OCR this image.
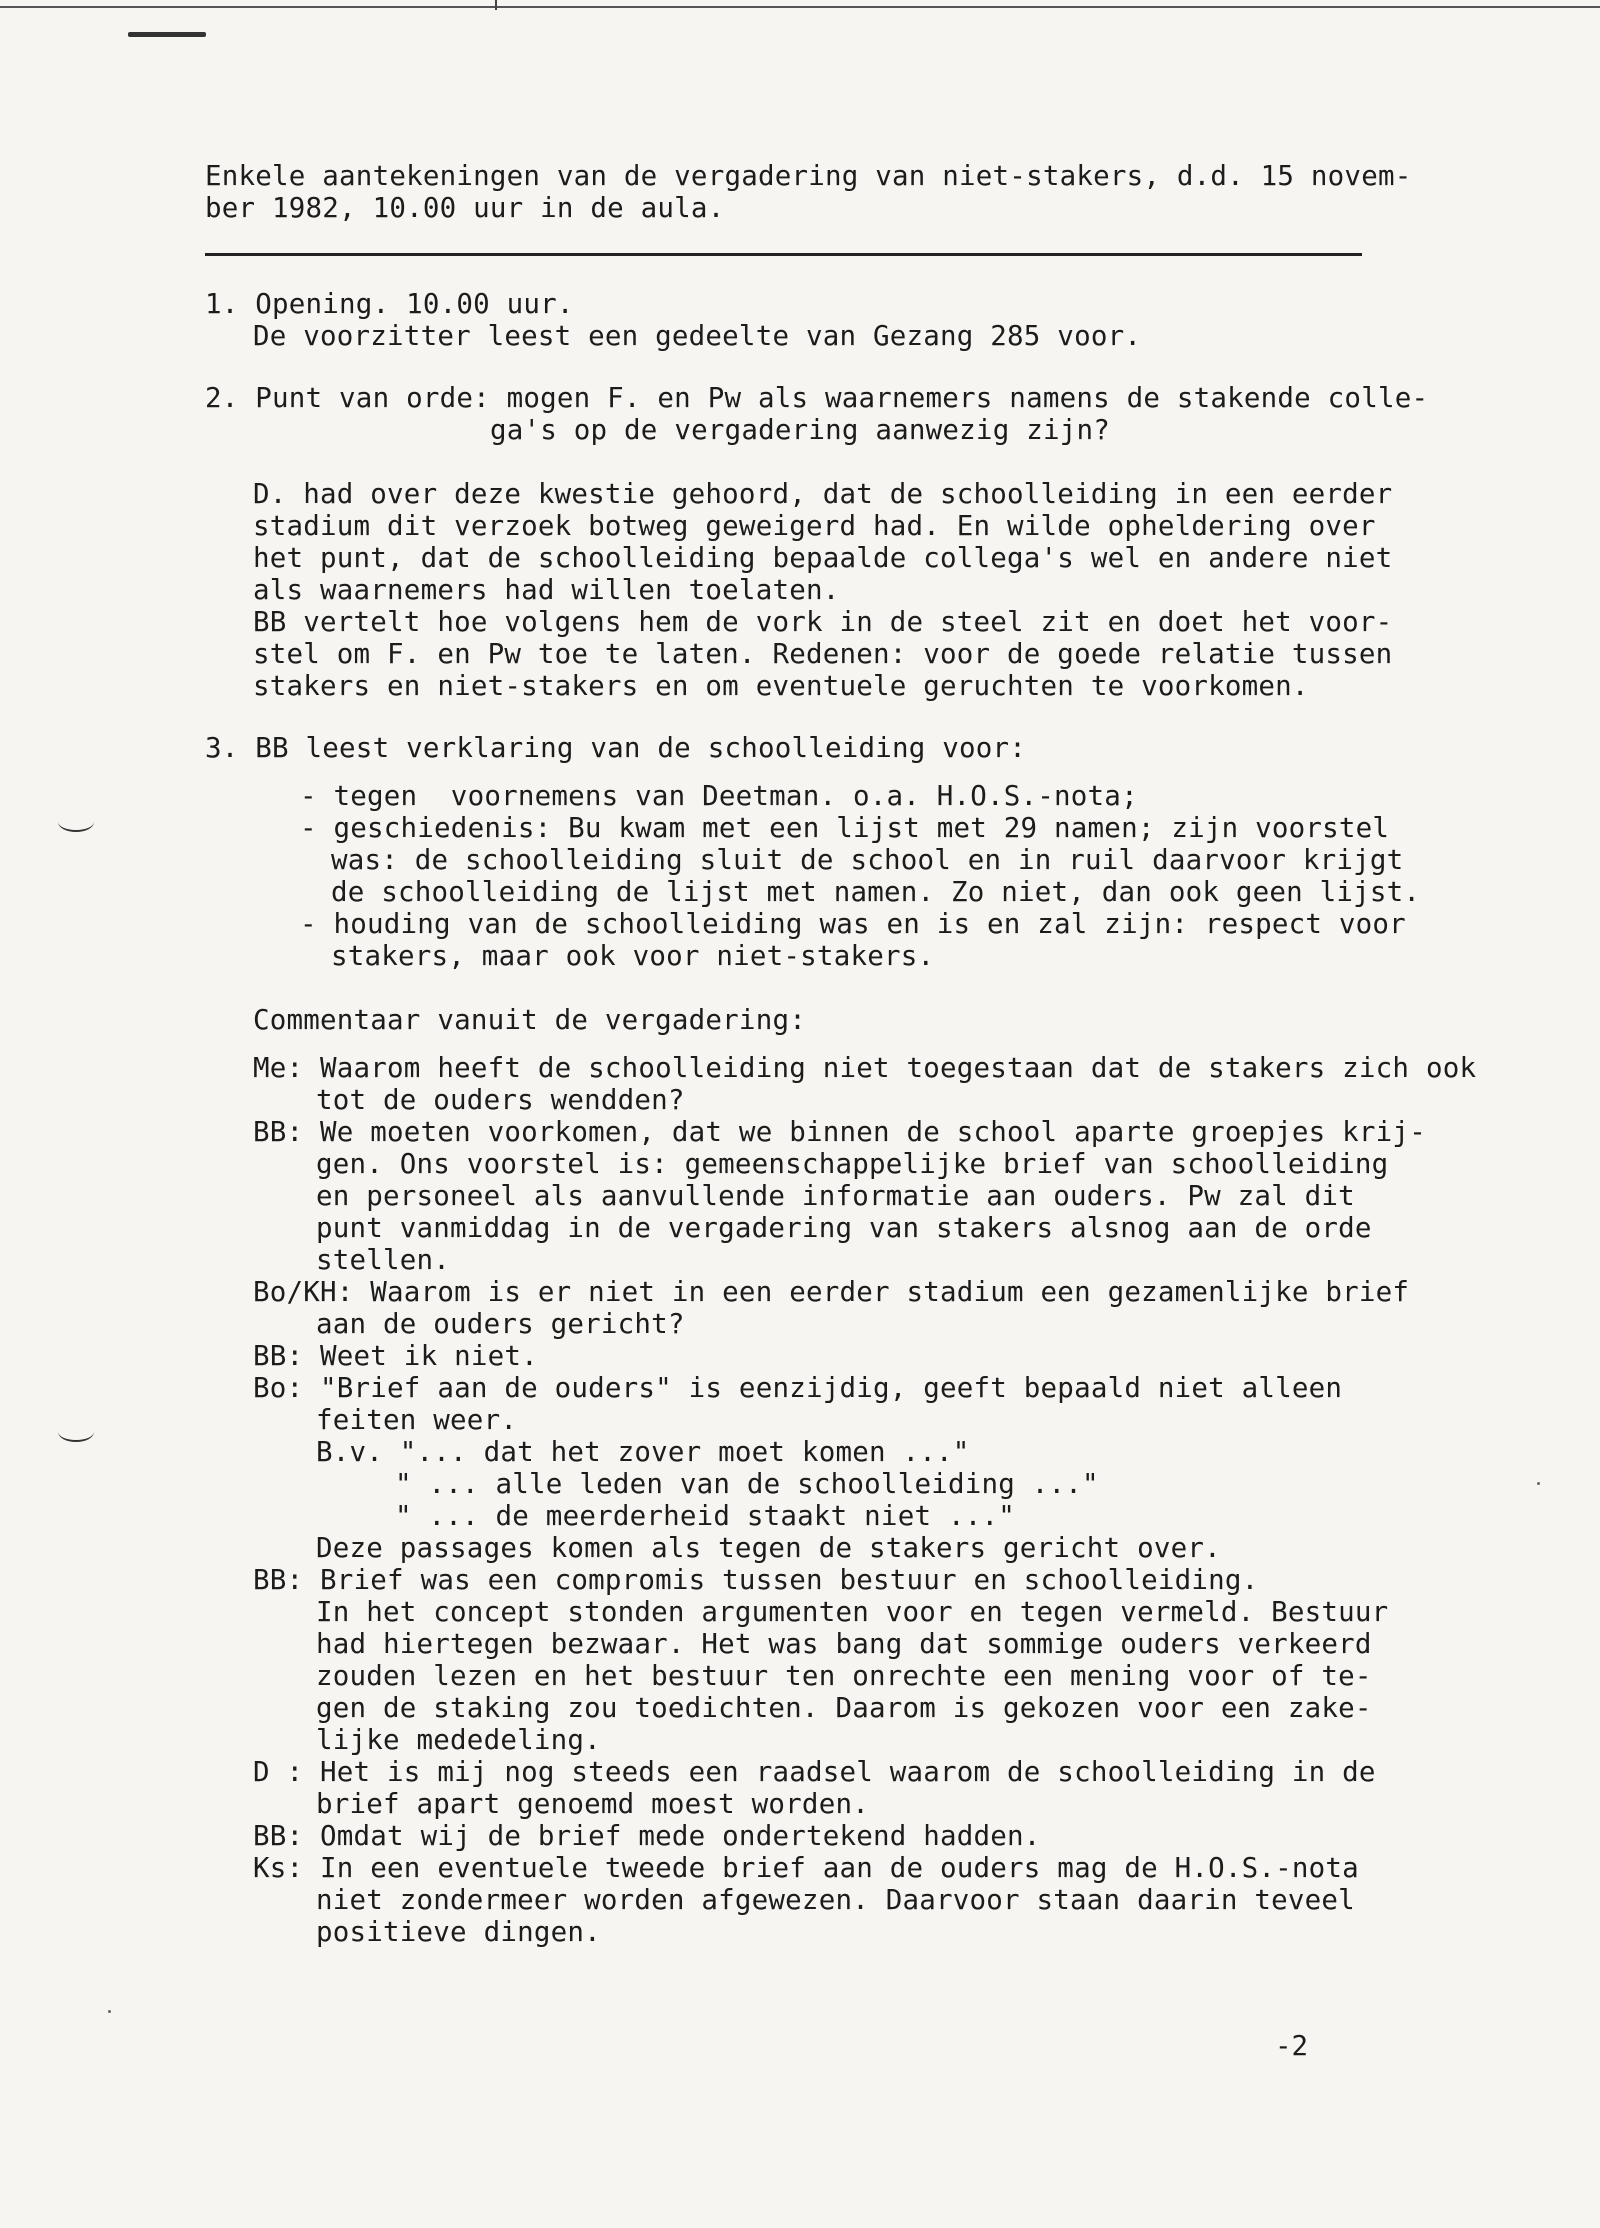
Enkele aantekeningen van de vergadering van niet-stakers, d.d. 15 novem-
ber 1982, 10.00 uur in de aula.
1. Opening. 10.00 uur.
De voorzitter leest een gedeelte van Gezang 285 voor.
2. Punt van orde: mogen F. en Pw als waarnemers namens de stakende colle-
ga's op de vergadering aanwezig zijn?
D. had over deze kwestie gehoord, dat de schoolleiding in een eerder
stadium dit verzoek botweg geweigerd had. En wilde opheldering over
het punt, dat de schoolleiding bepaalde collega's wel en andere niet
als waarnemers had willen toelaten.
BB vertelt hoe volgens hem de vork in de steel zit en doet het voor-
stel om F. en Pw toe te laten. Redenen: voor de goede relatie tussen
stakers en niet-stakers en om eventuele geruchten te voorkomen.
3. BB leest verklaring van de schoolleiding voor:
- tegen  voornemens van Deetman. o.a. H.O.S.-nota;
- geschiedenis: Bu kwam met een lijst met 29 namen; zijn voorstel
was: de schoolleiding sluit de school en in ruil daarvoor krijgt
de schoolleiding de lijst met namen. Zo niet, dan ook geen lijst.
- houding van de schoolleiding was en is en zal zijn: respect voor
stakers, maar ook voor niet-stakers.
Commentaar vanuit de vergadering:
Me: Waarom heeft de schoolleiding niet toegestaan dat de stakers zich ook
tot de ouders wendden?
BB: We moeten voorkomen, dat we binnen de school aparte groepjes krij-
gen. Ons voorstel is: gemeenschappelijke brief van schoolleiding
en personeel als aanvullende informatie aan ouders. Pw zal dit
punt vanmiddag in de vergadering van stakers alsnog aan de orde
stellen.
Bo/KH: Waarom is er niet in een eerder stadium een gezamenlijke brief
aan de ouders gericht?
BB: Weet ik niet.
Bo: "Brief aan de ouders" is eenzijdig, geeft bepaald niet alleen
feiten weer.
B.v. "... dat het zover moet komen ..."
" ... alle leden van de schoolleiding ..."
" ... de meerderheid staakt niet ..."
Deze passages komen als tegen de stakers gericht over.
BB: Brief was een compromis tussen bestuur en schoolleiding.
In het concept stonden argumenten voor en tegen vermeld. Bestuur
had hiertegen bezwaar. Het was bang dat sommige ouders verkeerd
zouden lezen en het bestuur ten onrechte een mening voor of te-
gen de staking zou toedichten. Daarom is gekozen voor een zake-
lijke mededeling.
D : Het is mij nog steeds een raadsel waarom de schoolleiding in de
brief apart genoemd moest worden.
BB: Omdat wij de brief mede ondertekend hadden.
Ks: In een eventuele tweede brief aan de ouders mag de H.O.S.-nota
niet zondermeer worden afgewezen. Daarvoor staan daarin teveel
positieve dingen.
-2
